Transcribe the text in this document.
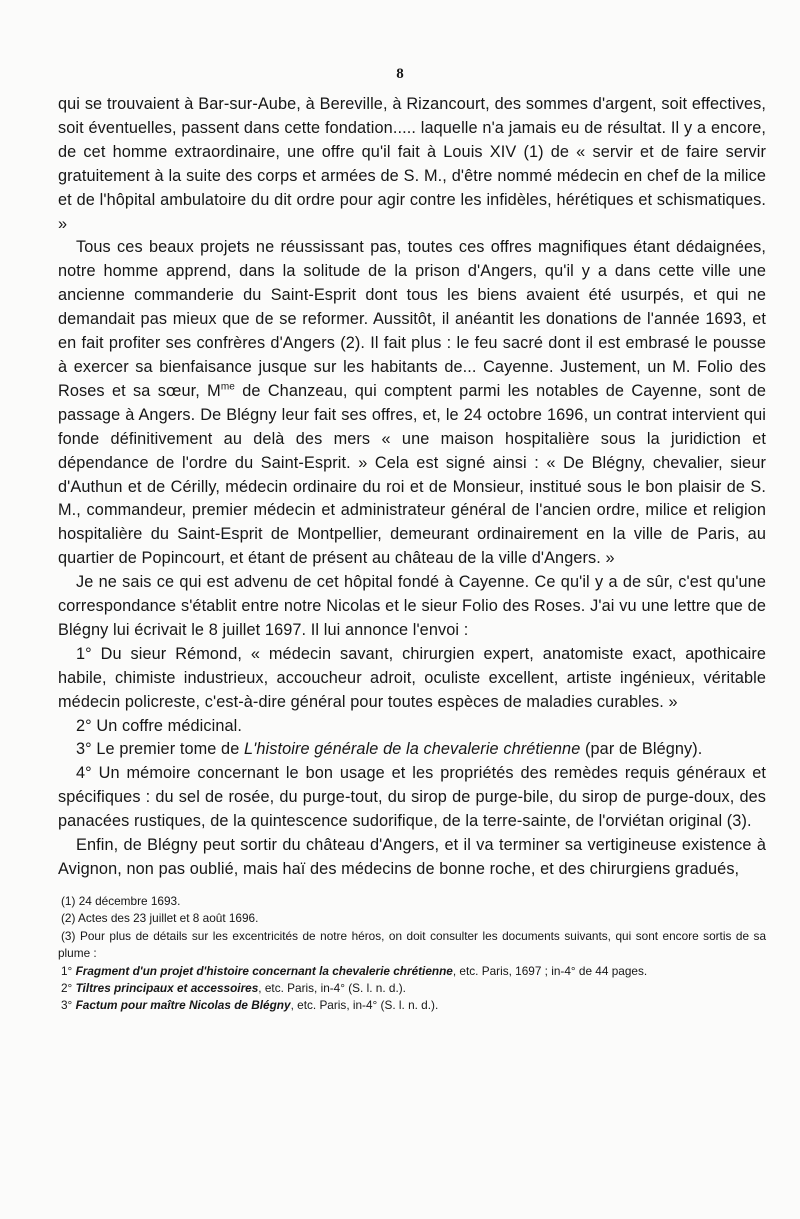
8

qui se trouvaient à Bar-sur-Aube, à Bereville, à Rizancourt, des sommes d'argent, soit effectives, soit éventuelles, passent dans cette fondation..... laquelle n'a jamais eu de résultat. Il y a encore, de cet homme extraordinaire, une offre qu'il fait à Louis XIV (1) de « servir et de faire servir gratuitement à la suite des corps et armées de S. M., d'être nommé médecin en chef de la milice et de l'hôpital ambulatoire du dit ordre pour agir contre les infidèles, hérétiques et schismatiques. »

Tous ces beaux projets ne réussissant pas, toutes ces offres magnifiques étant dédaignées, notre homme apprend, dans la solitude de la prison d'Angers, qu'il y a dans cette ville une ancienne commanderie du Saint-Esprit dont tous les biens avaient été usurpés, et qui ne demandait pas mieux que de se reformer. Aussitôt, il anéantit les donations de l'année 1693, et en fait profiter ses confrères d'Angers (2). Il fait plus : le feu sacré dont il est embrasé le pousse à exercer sa bienfaisance jusque sur les habitants de... Cayenne. Justement, un M. Folio des Roses et sa sœur, $M^{me}$ de Chanzeau, qui comptent parmi les notables de Cayenne, sont de passage à Angers. De Blégny leur fait ses offres, et, le 24 octobre 1696, un contrat intervient qui fonde définitivement au delà des mers « une maison hospitalière sous la juridiction et dépendance de l'ordre du Saint-Esprit. » Cela est signé ainsi : « De Blégny, chevalier, sieur d'Authun et de Cérilly, médecin ordinaire du roi et de Monsieur, institué sous le bon plaisir de S. M., commandeur, premier médecin et administrateur général de l'ancien ordre, milice et religion hospitalière du Saint-Esprit de Montpellier, demeurant ordinairement en la ville de Paris, au quartier de Popincourt, et étant de présent au château de la ville d'Angers. »

Je ne sais ce qui est advenu de cet hôpital fondé à Cayenne. Ce qu'il y a de sûr, c'est qu'une correspondance s'établit entre notre Nicolas et le sieur Folio des Roses. J'ai vu une lettre que de Blégny lui écrivait le 8 juillet 1697. Il lui annonce l'envoi :

1° Du sieur Rémond, « médecin savant, chirurgien expert, anatomiste exact, apothicaire habile, chimiste industrieux, accoucheur adroit, oculiste excellent, artiste ingénieux, véritable médecin policreste, c'est-à-dire général pour toutes espèces de maladies curables. »

2° Un coffre médicinal.

3° Le premier tome de L'histoire générale de la chevalerie chrétienne (par de Blégny).

4° Un mémoire concernant le bon usage et les propriétés des remèdes requis généraux et spécifiques : du sel de rosée, du purge-tout, du sirop de purge-bile, du sirop de purge-doux, des panacées rustiques, de la quintescence sudorifique, de la terre-sainte, de l'orviétan original (3).

Enfin, de Blégny peut sortir du château d'Angers, et il va terminer sa vertigineuse existence à Avignon, non pas oublié, mais haï des médecins de bonne roche, et des chirurgiens gradués,

(1) 24 décembre 1693.

(2) Actes des 23 juillet et 8 août 1696.

(3) Pour plus de détails sur les excentricités de notre héros, on doit consulter les documents suivants, qui sont encore sortis de sa plume :

1° Fragment d'un projet d'histoire concernant la chevalerie chrétienne, etc. Paris, 1697 ; in-4° de 44 pages.

2° Tiltres principaux et accessoires, etc. Paris, in-4° (S. l. n. d.).

3° Factum pour maître Nicolas de Blégny, etc. Paris, in-4° (S. l. n. d.).
